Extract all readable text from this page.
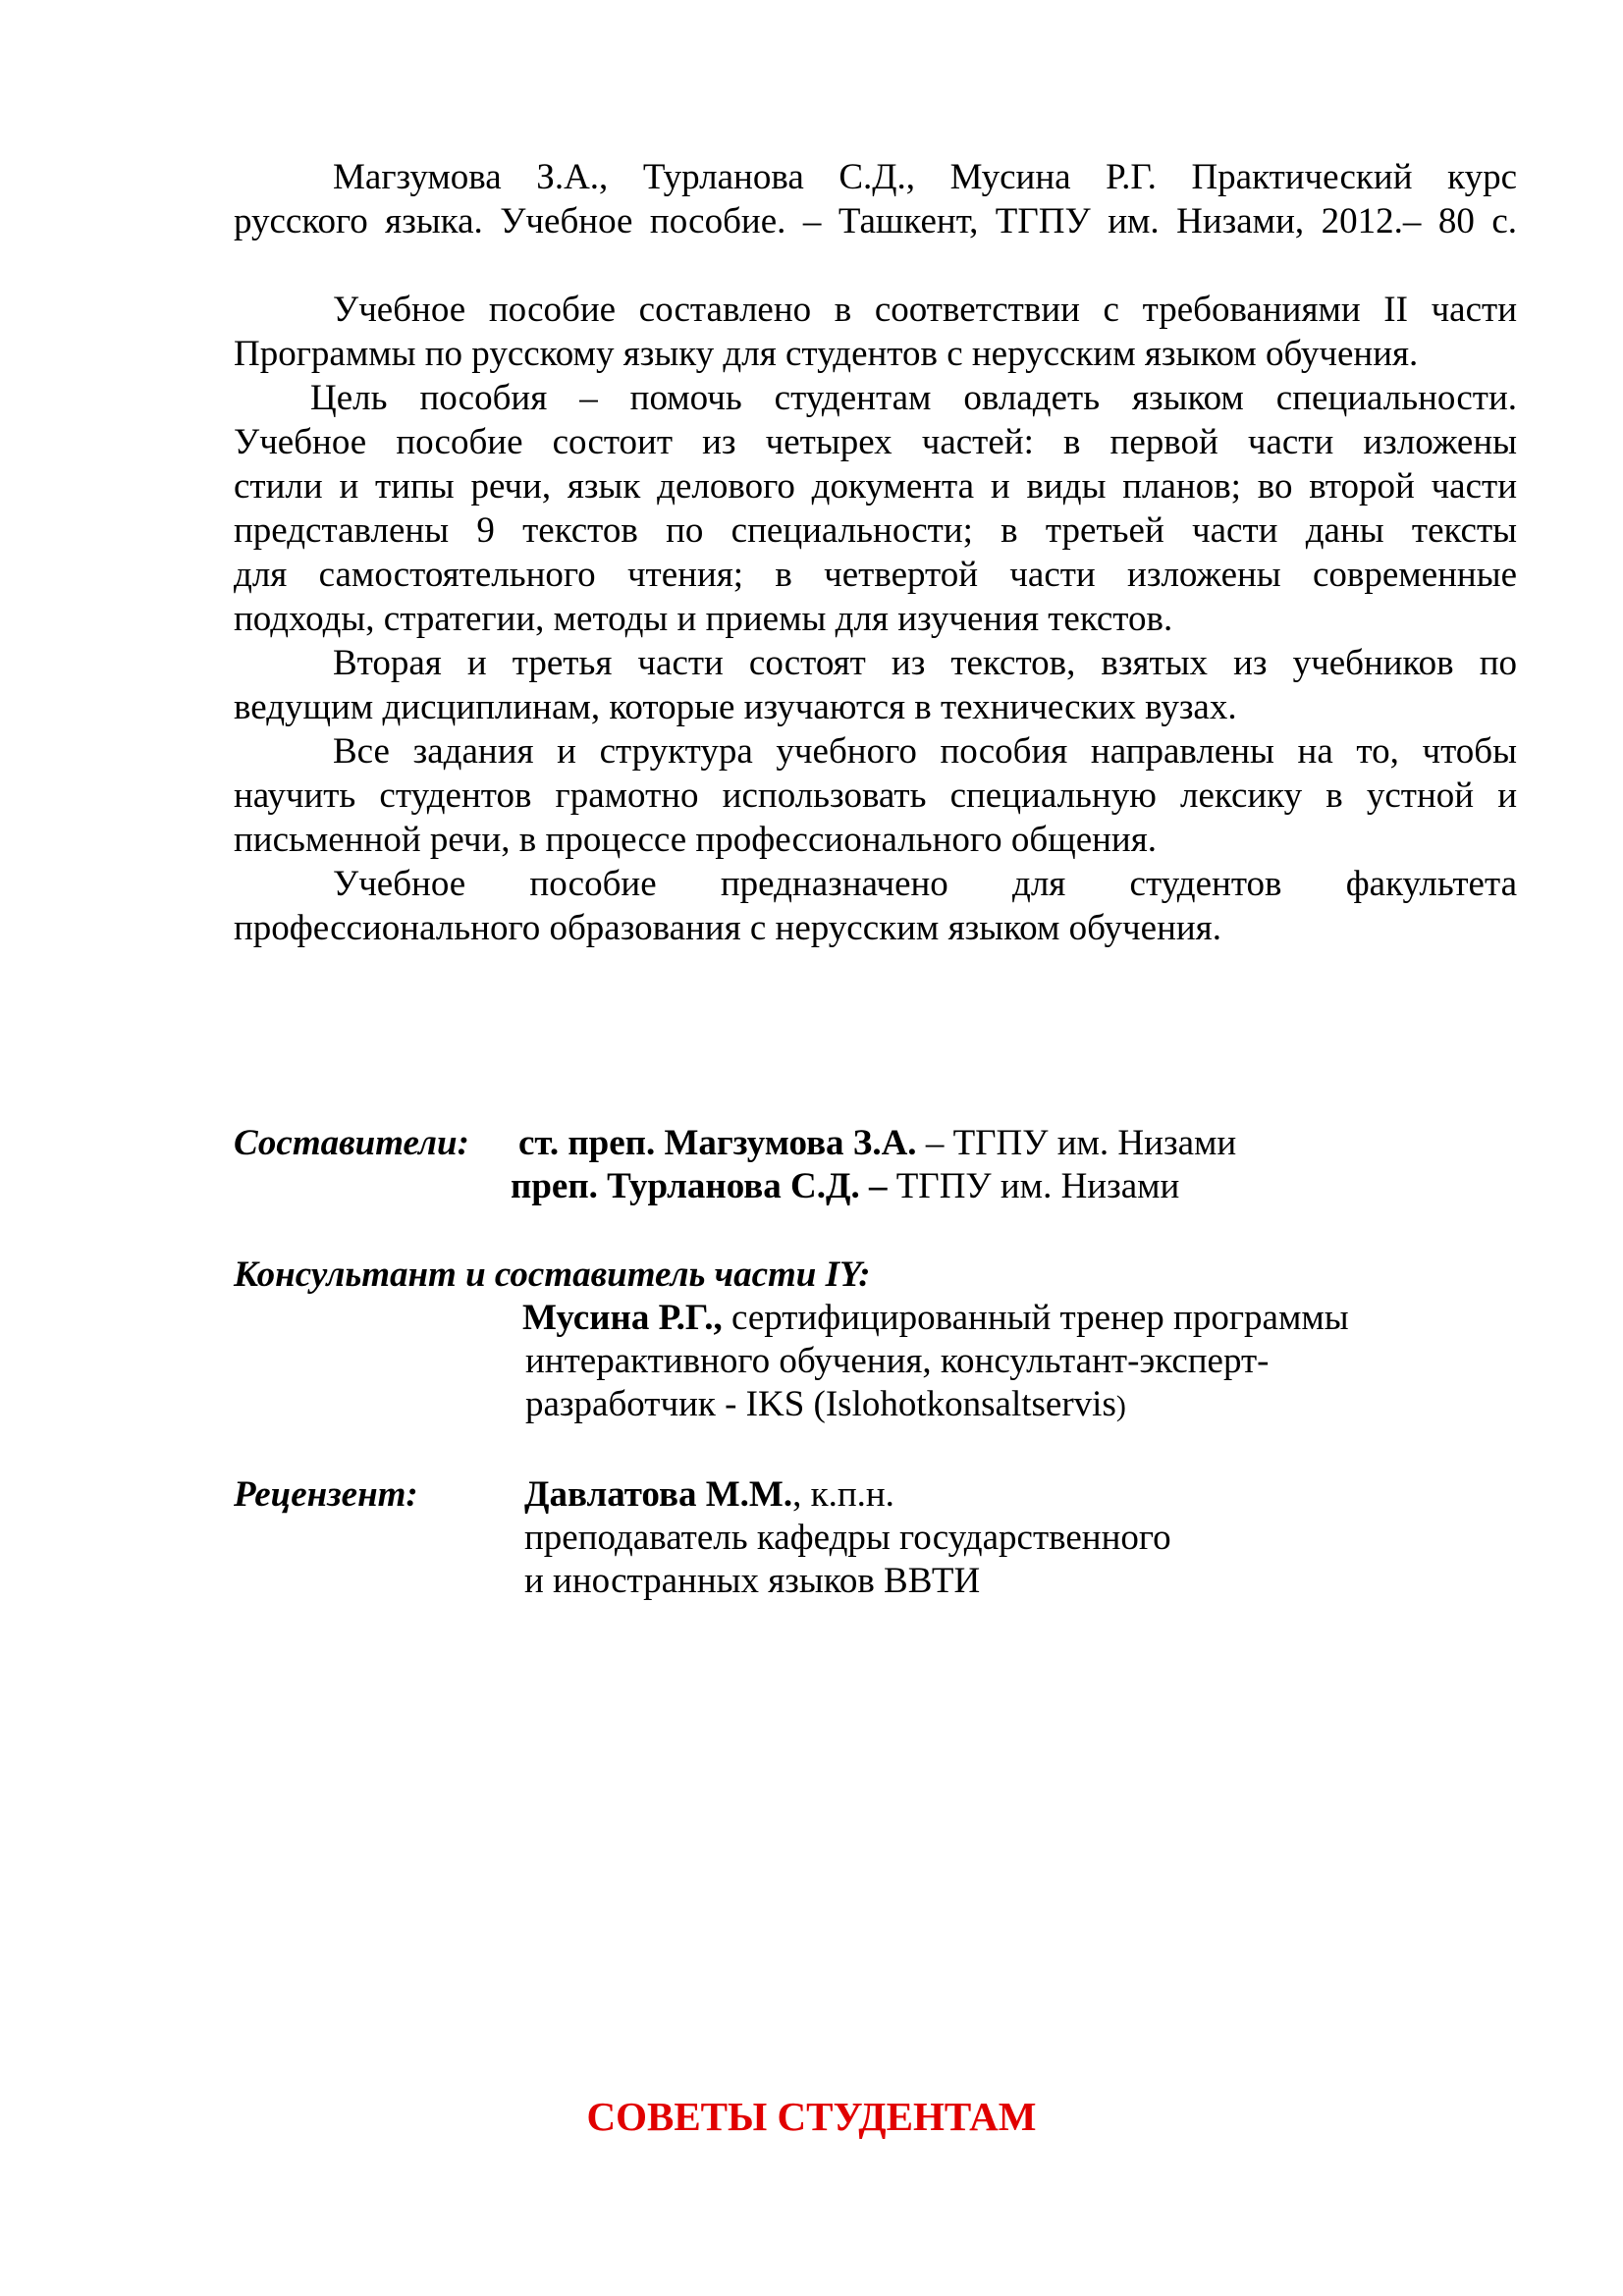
Магзумова З.А., Турланова С.Д., Мусина Р.Г. Практический курс

русского языка. Учебное пособие. – Ташкент, ТГПУ им. Низами, 2012.– 80 с.

Учебное пособие составлено в соответствии с требованиями II части

Программы по русскому языку для студентов с нерусским языком обучения.

Цель пособия – помочь студентам овладеть языком специальности.

Учебное пособие состоит из четырех частей: в первой части изложены

стили и типы речи, язык делового документа и виды планов; во второй части

представлены 9 текстов по специальности; в третьей части даны тексты

для самостоятельного чтения; в четвертой части изложены современные

подходы, стратегии, методы и приемы для изучения текстов.

Вторая и третья части состоят из текстов, взятых из учебников по

ведущим дисциплинам, которые изучаются в технических вузах.

Все задания и структура учебного пособия направлены на то, чтобы

научить студентов грамотно использовать специальную лексику в устной и

письменной речи, в процессе профессионального общения.

Учебное пособие предназначено для студентов факультета

профессионального образования с нерусским языком обучения.

Составители: ст. преп. Магзумова З.А. – ТГПУ им. Низами
преп. Турланова С.Д. – ТГПУ им. Низами
Консультант и составитель части IY:
Мусина Р.Г., сертифицированный тренер программы
интерактивного обучения, консультант-эксперт-
разработчик - IKS (Islohotkonsaltservis)
Рецензент:	Давлатова М.М., к.п.н.
преподаватель кафедры государственного
и иностранных языков ВВТИ
СОВЕТЫ СТУДЕНТАМ
